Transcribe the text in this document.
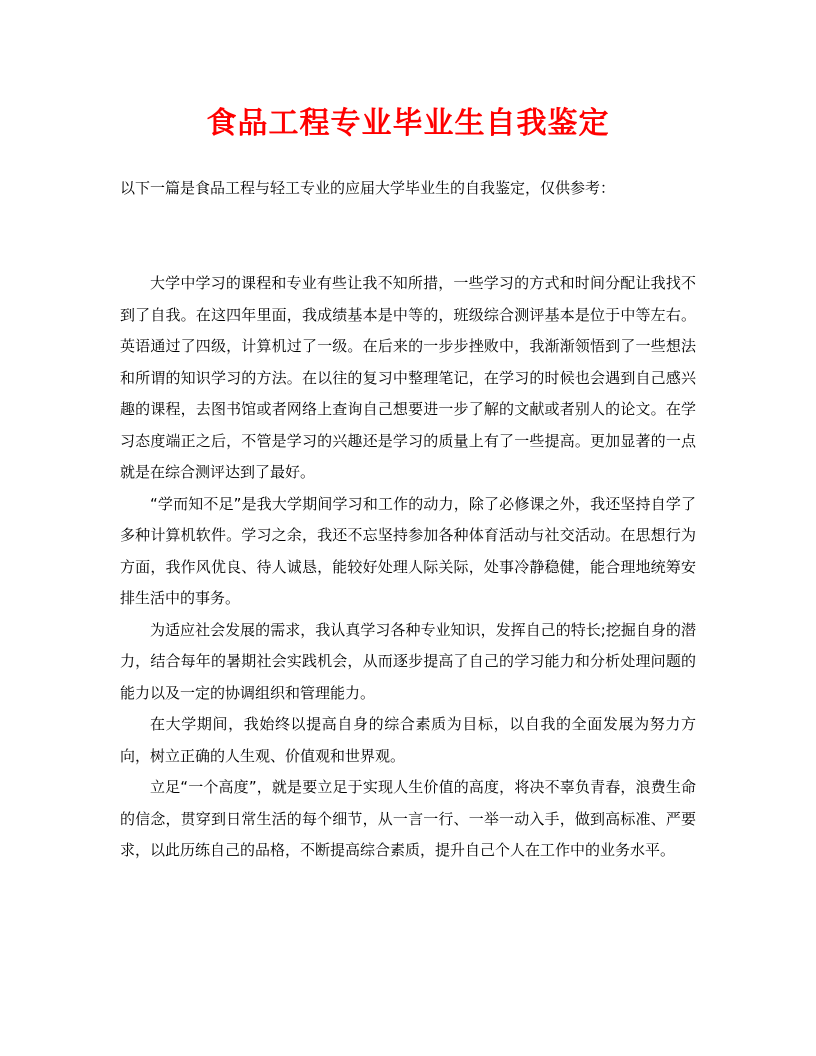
食品工程专业毕业生自我鉴定

以下一篇是食品工程与轻工专业的应届大学毕业生的自我鉴定，仅供参考：

大学中学习的课程和专业有些让我不知所措，一些学习的方式和时间分配让我找不到了自我。在这四年里面，我成绩基本是中等的，班级综合测评基本是位于中等左右。英语通过了四级，计算机过了一级。在后来的一步步挫败中，我渐渐领悟到了一些想法和所谓的知识学习的方法。在以往的复习中整理笔记，在学习的时候也会遇到自己感兴趣的课程，去图书馆或者网络上查询自己想要进一步了解的文献或者别人的论文。在学习态度端正之后，不管是学习的兴趣还是学习的质量上有了一些提高。更加显著的一点就是在综合测评达到了最好。

“学而知不足”是我大学期间学习和工作的动力，除了必修课之外，我还坚持自学了多种计算机软件。学习之余，我还不忘坚持参加各种体育活动与社交活动。在思想行为方面，我作风优良、待人诚恳，能较好处理人际关际，处事冷静稳健，能合理地统筹安排生活中的事务。

为适应社会发展的需求，我认真学习各种专业知识，发挥自己的特长;挖掘自身的潜力，结合每年的暑期社会实践机会，从而逐步提高了自己的学习能力和分析处理问题的能力以及一定的协调组织和管理能力。

在大学期间，我始终以提高自身的综合素质为目标，以自我的全面发展为努力方向，树立正确的人生观、价值观和世界观。

立足“一个高度”，就是要立足于实现人生价值的高度，将决不辜负青春，浪费生命的信念，贯穿到日常生活的每个细节，从一言一行、一举一动入手，做到高标准、严要求，以此历练自己的品格，不断提高综合素质，提升自己个人在工作中的业务水平。
